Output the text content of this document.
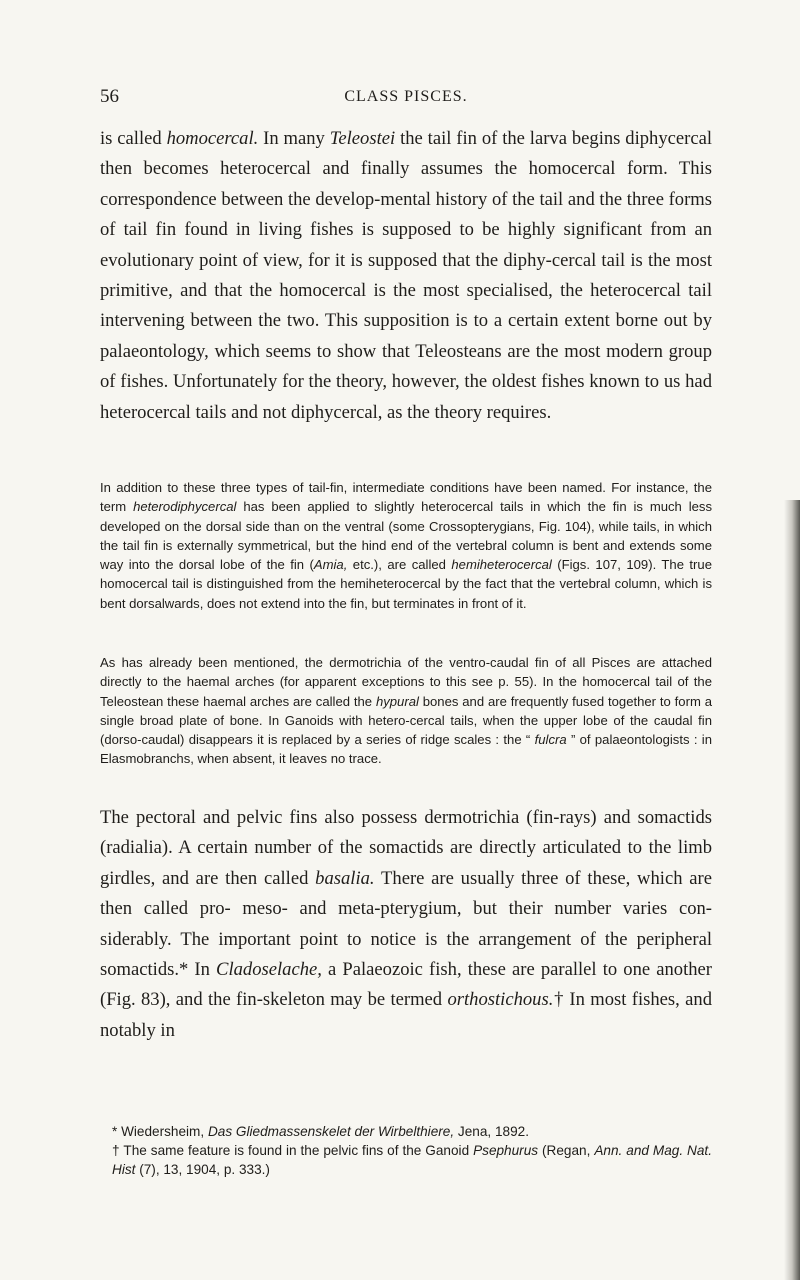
56	CLASS PISCES.

is called homocercal. In many Teleostei the tail fin of the larva begins diphycercal then becomes heterocercal and finally assumes the homocercal form. This correspondence between the develop-mental history of the tail and the three forms of tail fin found in living fishes is supposed to be highly significant from an evolutionary point of view, for it is supposed that the diphy-cercal tail is the most primitive, and that the homocercal is the most specialised, the heterocercal tail intervening between the two. This supposition is to a certain extent borne out by palaeontology, which seems to show that Teleosteans are the most modern group of fishes. Unfortunately for the theory, however, the oldest fishes known to us had heterocercal tails and not diphycercal, as the theory requires.

In addition to these three types of tail-fin, intermediate conditions have been named. For instance, the term heterodiphycercal has been applied to slightly heterocercal tails in which the fin is much less developed on the dorsal side than on the ventral (some Crossopterygians, Fig. 104), while tails, in which the tail fin is externally symmetrical, but the hind end of the vertebral column is bent and extends some way into the dorsal lobe of the fin (Amia, etc.), are called hemiheterocercal (Figs. 107, 109). The true homocercal tail is distinguished from the hemiheterocercal by the fact that the vertebral column, which is bent dorsalwards, does not extend into the fin, but terminates in front of it.

As has already been mentioned, the dermotrichia of the ventro-caudal fin of all Pisces are attached directly to the haemal arches (for apparent exceptions to this see p. 55). In the homocercal tail of the Teleostean these haemal arches are called the hypural bones and are frequently fused together to form a single broad plate of bone. In Ganoids with hetero-cercal tails, when the upper lobe of the caudal fin (dorso-caudal) disappears it is replaced by a series of ridge scales : the “ fulcra ” of palaeontologists : in Elasmobranchs, when absent, it leaves no trace.

The pectoral and pelvic fins also possess dermotrichia (fin-rays) and somactids (radialia). A certain number of the somactids are directly articulated to the limb girdles, and are then called basalia. There are usually three of these, which are then called pro- meso- and meta-pterygium, but their number varies con-siderably. The important point to notice is the arrangement of the peripheral somactids.* In Cladoselache, a Palaeozoic fish, these are parallel to one another (Fig. 83), and the fin-skeleton may be termed orthostichous.† In most fishes, and notably in

* Wiedersheim, Das Gliedmassenskelet der Wirbelthiere, Jena, 1892.

† The same feature is found in the pelvic fins of the Ganoid Psephurus (Regan, Ann. and Mag. Nat. Hist (7), 13, 1904, p. 333.)
